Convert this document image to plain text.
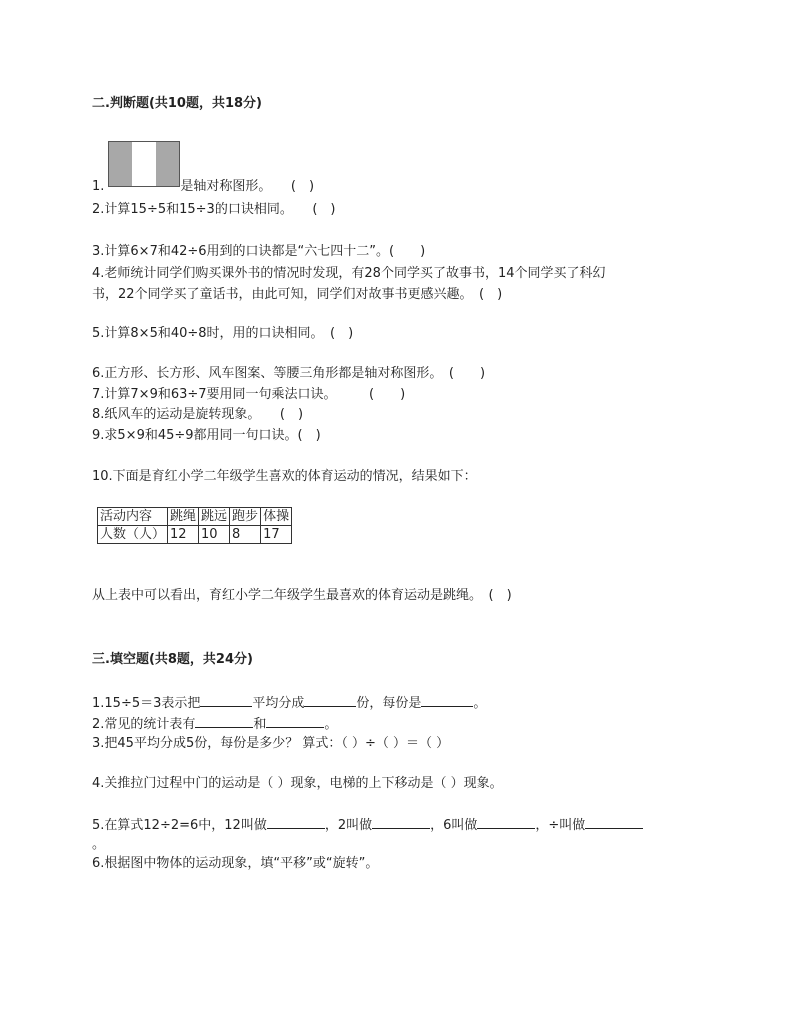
二.判断题(共10题，共18分)
1.	是轴对称图形。　　(　)
2.计算15÷5和15÷3的口诀相同。　　(　)
3.计算6×7和42÷6用到的口诀都是“六七四十二”。(　　)
4.老师统计同学们购买课外书的情况时发现，有28个同学买了故事书，14个同学买了科幻
书，22个同学买了童话书，由此可知，同学们对故事书更感兴趣。　(　)
5.计算8×5和40÷8时，用的口诀相同。　(　)
6.正方形、长方形、风车图案、等腰三角形都是轴对称图形。　(　　)
7.计算7×9和63÷7要用同一句乘法口诀。　　　(　　)
8.纸风车的运动是旋转现象。　　(　)
9.求5×9和45÷9都用同一句口诀。(　)
10.下面是育红小学二年级学生喜欢的体育运动的情况，结果如下：
活动内容	跳绳	跳远	跑步	体操
人数（人）	12	10	8	17
从上表中可以看出，育红小学二年级学生最喜欢的体育运动是跳绳。　(　)
三.填空题(共8题，共24分)
1.15÷5＝3表示把	平均分成	份，每份是	。
2.常见的统计表有	和	。
3.把45平均分成5份，每份是多少？ 算式：（ ）÷（ ）＝（ ）
4.关推拉门过程中门的运动是（ ）现象，电梯的上下移动是（ ）现象。
5.在算式12÷2=6中，12叫做	，2叫做	，6叫做	，÷叫做
。
6.根据图中物体的运动现象，填“平移”或“旋转”。
